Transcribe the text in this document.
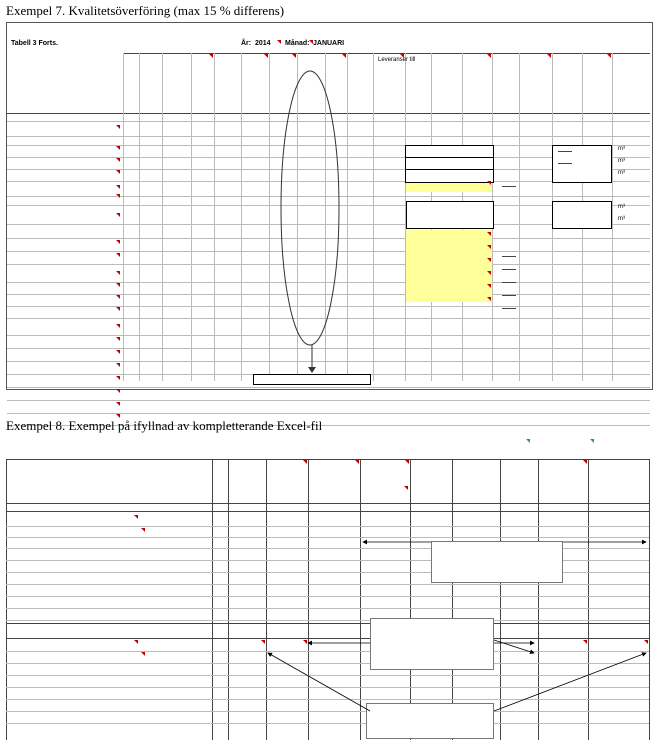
Exempel 7. Kvalitetsöverföring (max 15 % differens)
Tabell 3 Forts.	År: 2014 Månad: JANUARI
Leveranser till
m³
m³
m³
m³
m³
Exempel 8. Exempel på ifyllnad av kompletterande Excel-fil
